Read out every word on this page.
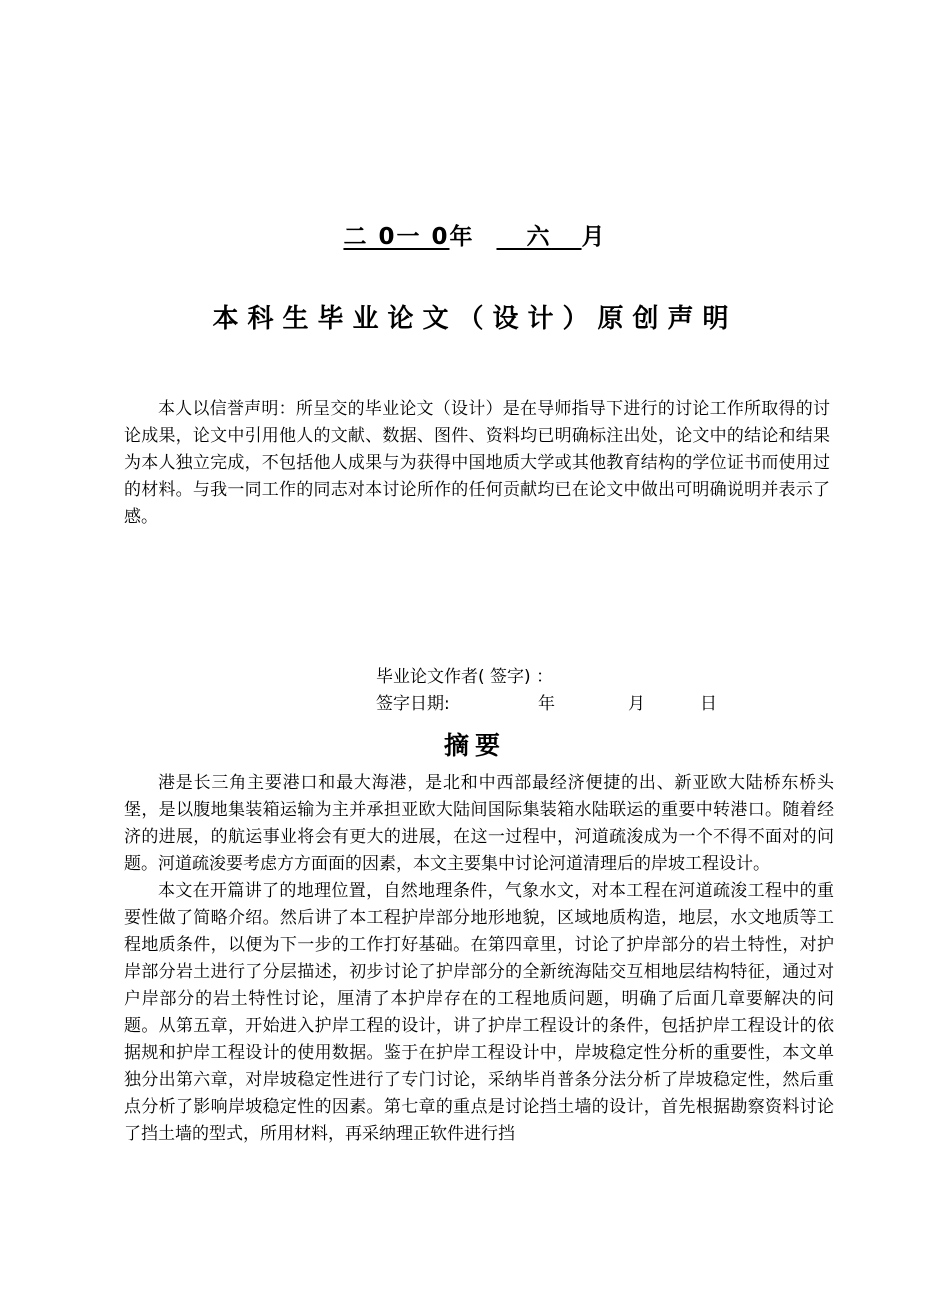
二 0一 0年 六 月
本科生毕业论文（设计）原创声明

本人以信誉声明：所呈交的毕业论文（设计）是在导师指导下进行的讨论工作所取得的讨论成果，论文中引用他人的文献、数据、图件、资料均已明确标注出处，论文中的结论和结果为本人独立完成，不包括他人成果与为获得中国地质大学或其他教育结构的学位证书而使用过的材料。与我一同工作的同志对本讨论所作的任何贡献均已在论文中做出可明确说明并表示了感。

毕业论文作者( 签字) ：
签字日期:	年	月	日
摘要

港是长三角主要港口和最大海港，是北和中西部最经济便捷的出、新亚欧大陆桥东桥头堡，是以腹地集装箱运输为主并承担亚欧大陆间国际集装箱水陆联运的重要中转港口。随着经济的进展，的航运事业将会有更大的进展，在这一过程中，河道疏浚成为一个不得不面对的问题。河道疏浚要考虑方方面面的因素，本文主要集中讨论河道清理后的岸坡工程设计。

本文在开篇讲了的地理位置，自然地理条件，气象水文，对本工程在河道疏浚工程中的重要性做了简略介绍。然后讲了本工程护岸部分地形地貌，区域地质构造，地层，水文地质等工程地质条件，以便为下一步的工作打好基础。在第四章里，讨论了护岸部分的岩土特性，对护岸部分岩土进行了分层描述，初步讨论了护岸部分的全新统海陆交互相地层结构特征，通过对户岸部分的岩土特性讨论，厘清了本护岸存在的工程地质问题，明确了后面几章要解决的问题。从第五章，开始进入护岸工程的设计，讲了护岸工程设计的条件，包括护岸工程设计的依据规和护岸工程设计的使用数据。鉴于在护岸工程设计中，岸坡稳定性分析的重要性，本文单独分出第六章，对岸坡稳定性进行了专门讨论，采纳毕肖普条分法分析了岸坡稳定性，然后重点分析了影响岸坡稳定性的因素。第七章的重点是讨论挡土墙的设计，首先根据勘察资料讨论了挡土墙的型式，所用材料，再采纳理正软件进行挡
